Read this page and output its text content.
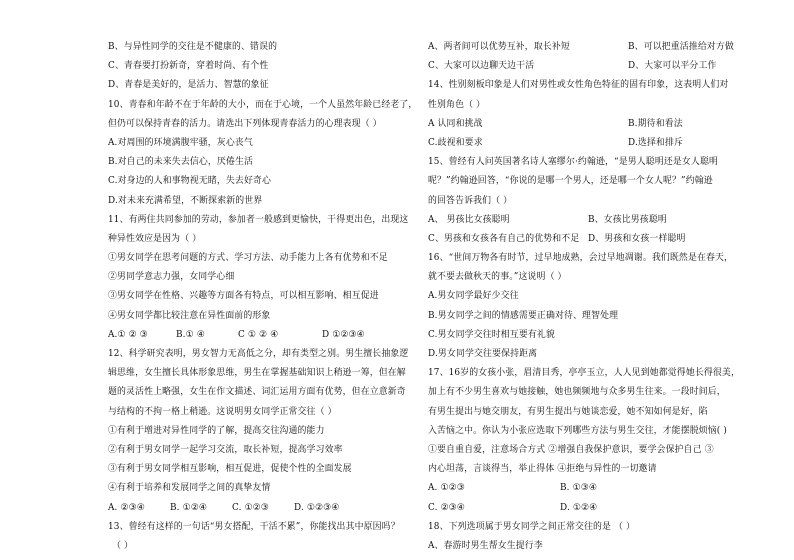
B、与异性同学的交往是不健康的、错误的
C、青春要打扮新奇，穿着时尚、有个性
D、青春是美好的，是活力、智慧的象征
10、青春和年龄不在于年龄的大小，而在于心境，一个人虽然年龄已经老了，
但仍可以保持青春的活力。请选出下列体现青春活力的心理表现（ ）
A.对周围的环境满腹牢骚，灰心丧气
B.对自己的未来失去信心，厌倦生活
C.对身边的人和事物视无睹，失去好奇心
D.对未来充满希望，不断探索新的世界
11、有两住共同参加的劳动，参加者一般感到更愉快，干得更出色，出现这
种异性效应是因为（ ）
①男女同学在思考问题的方式、学习方法、动手能力上各有优势和不足
②男同学意志力强，女同学心细
③男女同学在性格、兴趣等方面各有特点，可以相互影响、相互促进
④男女同学都比较注意在异性面前的形象
A.① ② ③	B.① ④	C ① ② ④	D ①②③④
12、科学研究表明，男女智力无高低之分，却有类型之别。男生擅长抽象逻
辑思维，女生擅长具体形象思维，男生在掌握基础知识上稍逊一筹，但在解
题的灵活性上略强，女生在作文描述、词汇运用方面有优势，但在立意新奇
与结构的不拘一格上稍逊。这说明男女同学正常交往（ ）
①有利于增进对异性同学的了解，提高交往沟通的能力
②有利于男女同学一起学习交流，取长补短，提高学习效率
③有利于男女同学相互影响，相互促进，促使个性的全面发展
④有利于培养和发展同学之间的真挚友情
A. ②③④	B. ①②④	C. ①②③	D. ①②③④
13、曾经有这样的一句话“男女搭配，干活不累”，你能找出其中原因吗？
（ ）
A、两者间可以优势互补，取长补短	B、可以把重活推给对方做
C、大家可以边聊天边干活	D、大家可以平分工作
14、性别刻板印象是人们对男性或女性角色特征的固有印象，这表明人们对
性别角色（ ）
A 认同和挑战	B.期待和看法
C.歧视和要求	D.选择和排斥
15、曾经有人问英国著名诗人塞缪尔·约翰逊，“是男人聪明还是女人聪明
呢？”约翰逊回答，“你说的是哪一个男人，还是哪一个女人呢？”约翰逊
的回答告诉我们（ ）
A、 男孩比女孩聪明	B、女孩比男孩聪明
C、男孩和女孩各有自己的优势和不足 D、男孩和女孩一样聪明
16、“世间万物各有时节，过早地成熟，会过早地凋谢。我们既然是在春天，
就不要去做秋天的事。”这说明（ ）
A.男女同学最好少交往
B.男女同学之间的情感需要正确对待、理智处理
C.男女同学交往时相互要有礼貌
D.男女同学交往要保持距离
17、16岁的女孩小张，眉清目秀，亭亭玉立，人人见到她都觉得她长得很美，
加上有不少男生喜欢与她接触，她也频频地与众多男生往来。一段时间后，
有男生提出与她交朋友，有男生提出与她谈恋爱，她不知如何是好，陷
入苦恼之中。你认为小张应选取下列哪些方法与男生交往，才能摆脱烦恼( )
①要自重自爱，注意场合方式 ②增强自我保护意识，要学会保护自己 ③
内心坦荡，言谈得当，举止得体 ④拒绝与异性的一切邀请
A. ①②③	B. ①③④
C. ②③④	D. ①②④
18、下列选项属于男女同学之间正常交往的是 （ ）
A、春游时男生帮女生提行李
